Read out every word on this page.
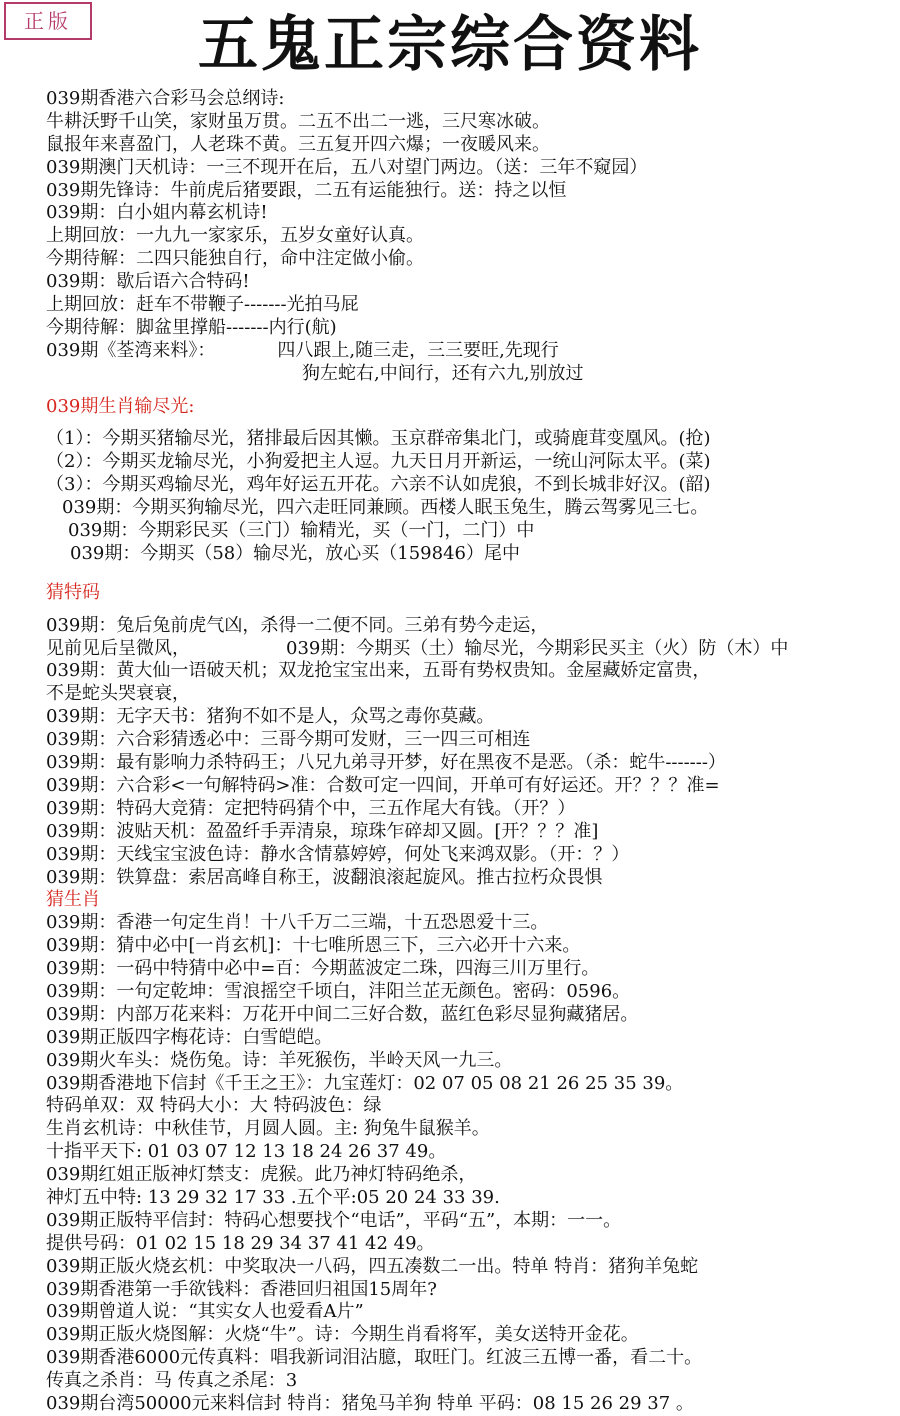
正版	五鬼正宗综合资料
039期香港六合彩马会总纲诗:
牛耕沃野千山笑，家财虽万贯。二五不出二一逃，三尺寒冰破。
鼠报年来喜盈门，人老珠不黄。三五复开四六爆；一夜暖风来。
039期澳门天机诗：一三不现开在后，五八对望门两边。（送：三年不窥园）
039期先锋诗：牛前虎后猪要跟，二五有运能独行。送：持之以恒
039期：白小姐内幕玄机诗!
上期回放：一九九一家家乐，五岁女童好认真。
今期待解：二四只能独自行，命中注定做小偷。
039期：歇后语六合特码!
上期回放：赶车不带鞭子-------光拍马屁
今期待解：脚盆里撑船-------内行(航)
039期《荃湾来料》：	四八跟上,随三走，三三要旺,先现行
狗左蛇右,中间行，还有六九,别放过
039期生肖输尽光:
（1）：今期买猪输尽光，猪排最后因其懒。玉京群帝集北门，或骑鹿茸变凰风。(抢)
（2）：今期买龙输尽光，小狗爱把主人逗。九天日月开新运，一统山河际太平。(菜)
（3）：今期买鸡输尽光，鸡年好运五开花。六亲不认如虎狼，不到长城非好汉。(韶)
039期：今期买狗输尽光，四六走旺同兼顾。西楼人眠玉兔生，腾云驾雾见三七。
039期：今期彩民买（三门）输精光，买（一门，二门）中
039期：今期买（58）输尽光，放心买（159846）尾中
猜特码
039期：兔后兔前虎气凶，杀得一二便不同。三弟有势今走运，
见前见后呈微风，	039期：今期买（土）输尽光，今期彩民买主（火）防（木）中
039期：黄大仙一语破天机；双龙抢宝宝出来，五哥有势权贵知。金屋藏娇定富贵，
不是蛇头哭衰衰，
039期：无字天书：猪狗不如不是人，众骂之毒你莫藏。
039期：六合彩猜透必中：三哥今期可发财，三一四三可相连
039期：最有影响力杀特码王；八兄九弟寻开梦，好在黑夜不是恶。（杀：蛇牛-------）
039期：六合彩<一句解特码>准：合数可定一四间，开单可有好运还。开？？？准=
039期：特码大竞猜：定把特码猜个中，三五作尾大有钱。（开？）
039期：波贴天机：盈盈纤手弄清泉，琼珠乍碎却又圆。[开？？？准]
039期：天线宝宝波色诗：静水含情慕婷婷，何处飞来鸿双影。（开：？）
039期：铁算盘：索居高峰自称王，波翻浪滚起旋风。推古拉朽众畏惧
猜生肖
039期：香港一句定生肖！十八千万二三端，十五恐恩爱十三。
039期：猜中必中[一肖玄机]：十七唯所恩三下，三六必开十六来。
039期：一码中特猜中必中=百：今期蓝波定二珠，四海三川万里行。
039期：一句定乾坤：雪浪摇空千顷白，沣阳兰芷无颜色。密码：0596。
039期：内部万花来料：万花开中间二三好合数，蓝红色彩尽显狗藏猪居。
039期正版四字梅花诗：白雪皑皑。
039期火车头：烧伤兔。诗：羊死猴伤，半岭天风一九三。
039期香港地下信封《千王之王》：九宝莲灯：02 07 05 08 21 26 25 35 39。
特码单双：双 特码大小：大 特码波色：绿
生肖玄机诗：中秋佳节，月圆人圆。主: 狗兔牛鼠猴羊。
十指平天下: 01 03 07 12 13 18 24 26 37 49。
039期红姐正版神灯禁支：虎猴。此乃神灯特码绝杀，
神灯五中特: 13 29 32 17 33 .五个平:05 20 24 33 39.
039期正版特平信封：特码心想要找个“电话”，平码“五”，本期：一一。
提供号码：01 02 15 18 29 34 37 41 42 49。
039期正版火烧玄机：中奖取决一八码，四五凑数二一出。特单 特肖：猪狗羊兔蛇
039期香港第一手欲钱料：香港回归祖国15周年?
039期曾道人说：“其实女人也爱看A片”
039期正版火烧图解：火烧“牛”。诗：今期生肖看将军，美女送特开金花。
039期香港6000元传真料：唱我新词泪沾臆，取旺门。红波三五博一番，看二十。
传真之杀肖：马 传真之杀尾：3
039期台湾50000元来料信封 特肖：猪兔马羊狗 特单 平码：08 15 26 29 37 。
